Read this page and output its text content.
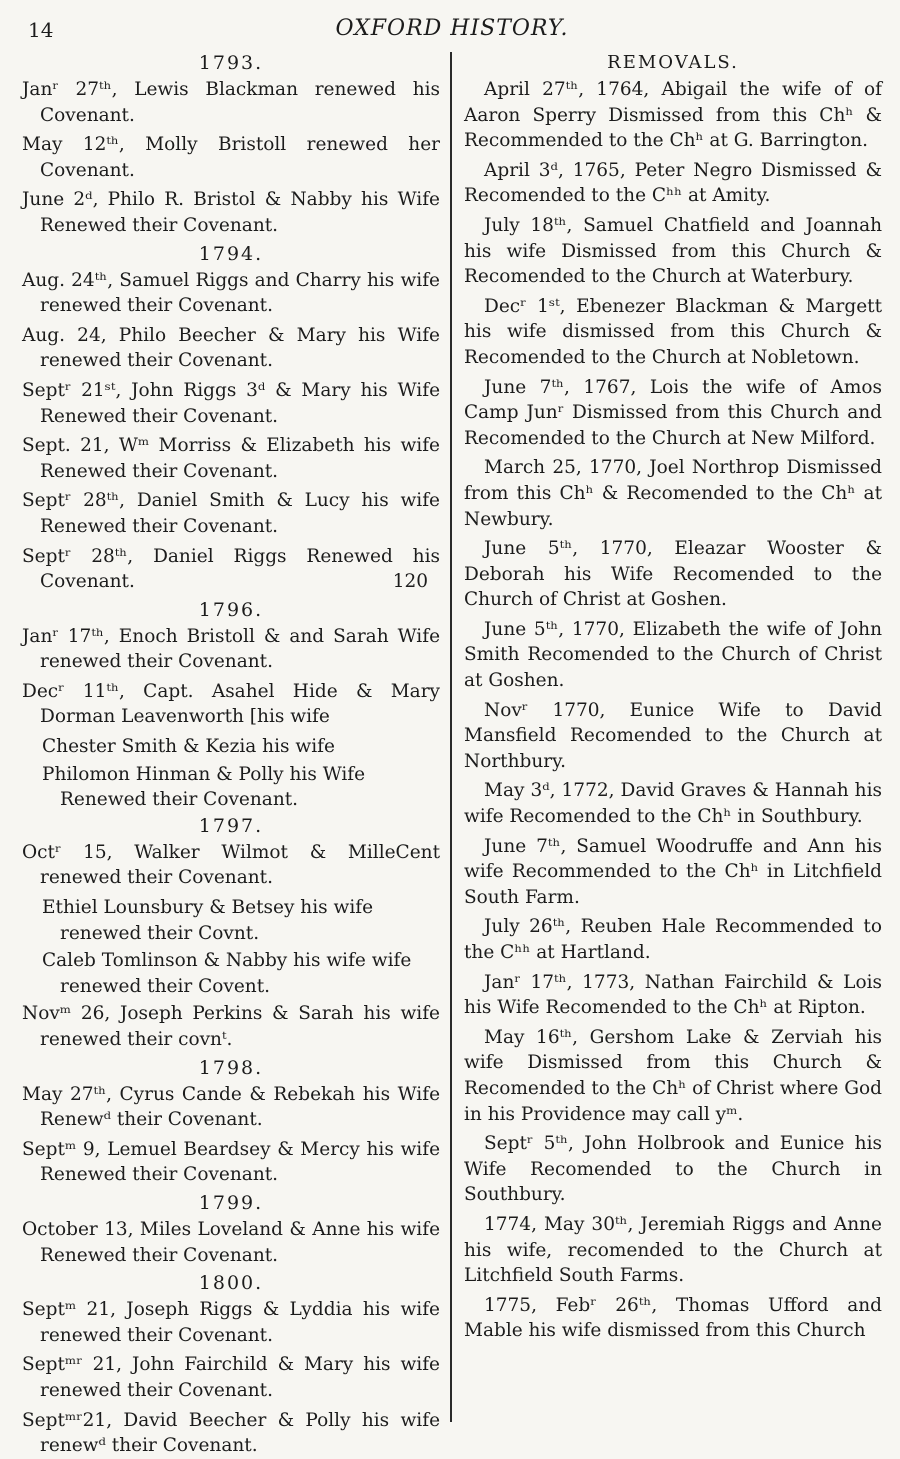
14	OXFORD HISTORY.
1793.

Janʳ 27ᵗʰ, Lewis Blackman renewed his Covenant.

May 12ᵗʰ, Molly Bristoll renewed her Covenant.

June 2ᵈ, Philo R. Bristol & Nabby his Wife Renewed their Covenant.

1794.

Aug. 24ᵗʰ, Samuel Riggs and Charry his wife renewed their Covenant.

Aug. 24, Philo Beecher & Mary his Wife renewed their Covenant.

Septʳ 21ˢᵗ, John Riggs 3ᵈ & Mary his Wife Renewed their Covenant.

Sept. 21, Wᵐ Morriss & Elizabeth his wife Renewed their Covenant.

Septʳ 28ᵗʰ, Daniel Smith & Lucy his wife Renewed their Covenant.

Septʳ 28ᵗʰ, Daniel Riggs Renewed his Covenant.	120

1796.

Janʳ 17ᵗʰ, Enoch Bristoll & and Sarah Wife renewed their Covenant.

Decʳ 11ᵗʰ, Capt. Asahel Hide & Mary Dorman Leavenworth [his wife

Chester Smith & Kezia his wife

Philomon Hinman & Polly his Wife Renewed their Covenant.

1797.

Octʳ 15, Walker Wilmot & MilleCent renewed their Covenant.

Ethiel Lounsbury & Betsey his wife renewed their Covnt.

Caleb Tomlinson & Nabby his wife wife renewed their Covent.

Novᵐ 26, Joseph Perkins & Sarah his wife renewed their covnᵗ.

1798.

May 27ᵗʰ, Cyrus Cande & Rebekah his Wife Renewᵈ their Covenant.

Septᵐ 9, Lemuel Beardsey & Mercy his wife Renewed their Covenant.

1799.

October 13, Miles Loveland & Anne his wife Renewed their Covenant.

1800.

Septᵐ 21, Joseph Riggs & Lyddia his wife renewed their Covenant.

Septᵐʳ 21, John Fairchild & Mary his wife renewed their Covenant.

Septᵐʳ21, David Beecher & Polly his wife renewᵈ their Covenant.

REMOVALS.

April 27ᵗʰ, 1764, Abigail the wife of of Aaron Sperry Dismissed from this Chʰ & Recommended to the Chʰ at G. Barrington.

April 3ᵈ, 1765, Peter Negro Dismissed & Recomended to the Cʰʰ at Amity.

July 18ᵗʰ, Samuel Chatfield and Joannah his wife Dismissed from this Church & Recomended to the Church at Waterbury.

Decʳ 1ˢᵗ, Ebenezer Blackman & Margett his wife dismissed from this Church & Recomended to the Church at Nobletown.

June 7ᵗʰ, 1767, Lois the wife of Amos Camp Junʳ Dismissed from this Church and Recomended to the Church at New Milford.

March 25, 1770, Joel Northrop Dismissed from this Chʰ & Recomended to the Chʰ at Newbury.

June 5ᵗʰ, 1770, Eleazar Wooster & Deborah his Wife Recomended to the Church of Christ at Goshen.

June 5ᵗʰ, 1770, Elizabeth the wife of John Smith Recomended to the Church of Christ at Goshen.

Novʳ 1770, Eunice Wife to David Mansfield Recomended to the Church at Northbury.

May 3ᵈ, 1772, David Graves & Hannah his wife Recomended to the Chʰ in Southbury.

June 7ᵗʰ, Samuel Woodruffe and Ann his wife Recommended to the Chʰ in Litchfield South Farm.

July 26ᵗʰ, Reuben Hale Recommended to the Cʰʰ at Hartland.

Janʳ 17ᵗʰ, 1773, Nathan Fairchild & Lois his Wife Recomended to the Chʰ at Ripton.

May 16ᵗʰ, Gershom Lake & Zerviah his wife Dismissed from this Church & Recomended to the Chʰ of Christ where God in his Providence may call yᵐ.

Septʳ 5ᵗʰ, John Holbrook and Eunice his Wife Recomended to the Church in Southbury.

1774, May 30ᵗʰ, Jeremiah Riggs and Anne his wife, recomended to the Church at Litchfield South Farms.

1775, Febʳ 26ᵗʰ, Thomas Ufford and Mable his wife dismissed from this Church
